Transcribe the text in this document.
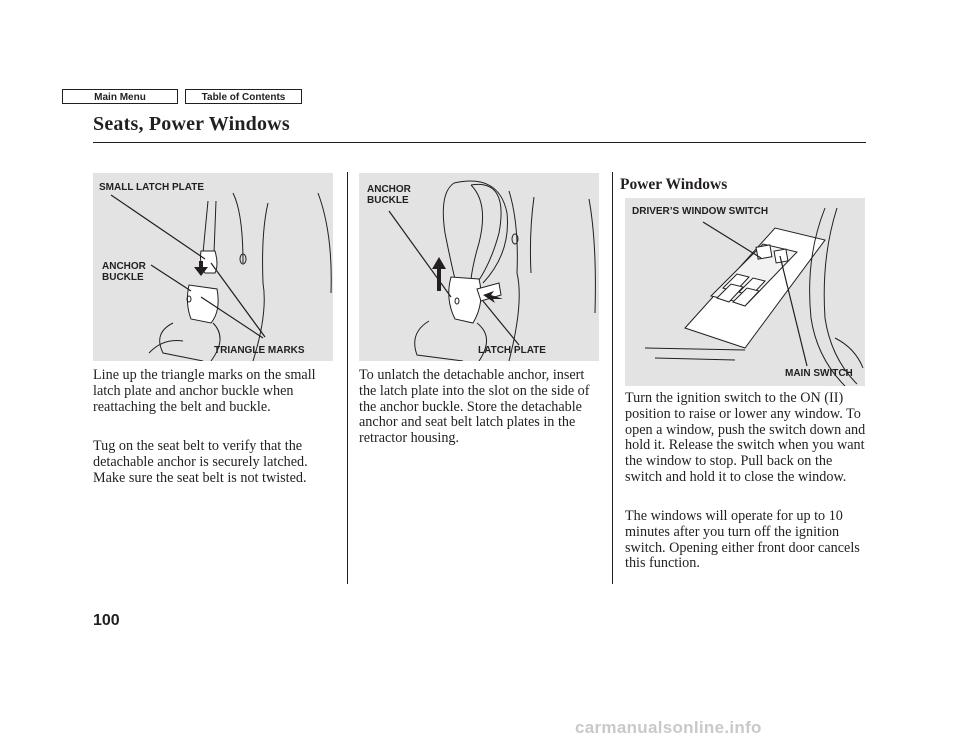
Main Menu	Table of Contents
Seats, Power Windows
SMALL LATCH PLATE
ANCHOR
BUCKLE
TRIANGLE MARKS
ANCHOR
BUCKLE
LATCH PLATE
DRIVER’S WINDOW SWITCH
MAIN SWITCH

Line up the triangle marks on the small latch plate and anchor buckle when reattaching the belt and buckle.

Tug on the seat belt to verify that the detachable anchor is securely latched. Make sure the seat belt is not twisted.

To unlatch the detachable anchor, insert the latch plate into the slot on the side of the anchor buckle. Store the detachable anchor and seat belt latch plates in the retractor housing.

Power Windows

Turn the ignition switch to the ON (II) position to raise or lower any window. To open a window, push the switch down and hold it. Release the switch when you want the window to stop. Pull back on the switch and hold it to close the window.

The windows will operate for up to 10 minutes after you turn off the ignition switch. Opening either front door cancels this function.

100
carmanualsonline.info
